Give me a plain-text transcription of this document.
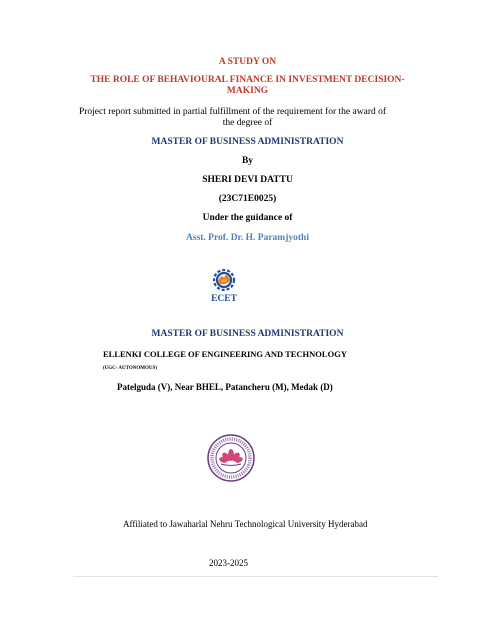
A STUDY ON
THE ROLE OF BEHAVIOURAL FINANCE IN INVESTMENT DECISION-
MAKING
Project report submitted in partial fulfillment of the requirement for the award of
the degree of
MASTER OF BUSINESS ADMINISTRATION
By
SHERI DEVI DATTU
(23C71E0025)
Under the guidance of
Asst. Prof. Dr. H. Paramjyothi
ECET
MASTER OF BUSINESS ADMINISTRATION
ELLENKI COLLEGE OF ENGINEERING AND TECHNOLOGY
(UGC- AUTONOMOUS)
Patelguda (V), Near BHEL, Patancheru (M), Medak (D)
Affiliated to Jawaharlal Nehru Technological University Hyderabad
2023-2025
